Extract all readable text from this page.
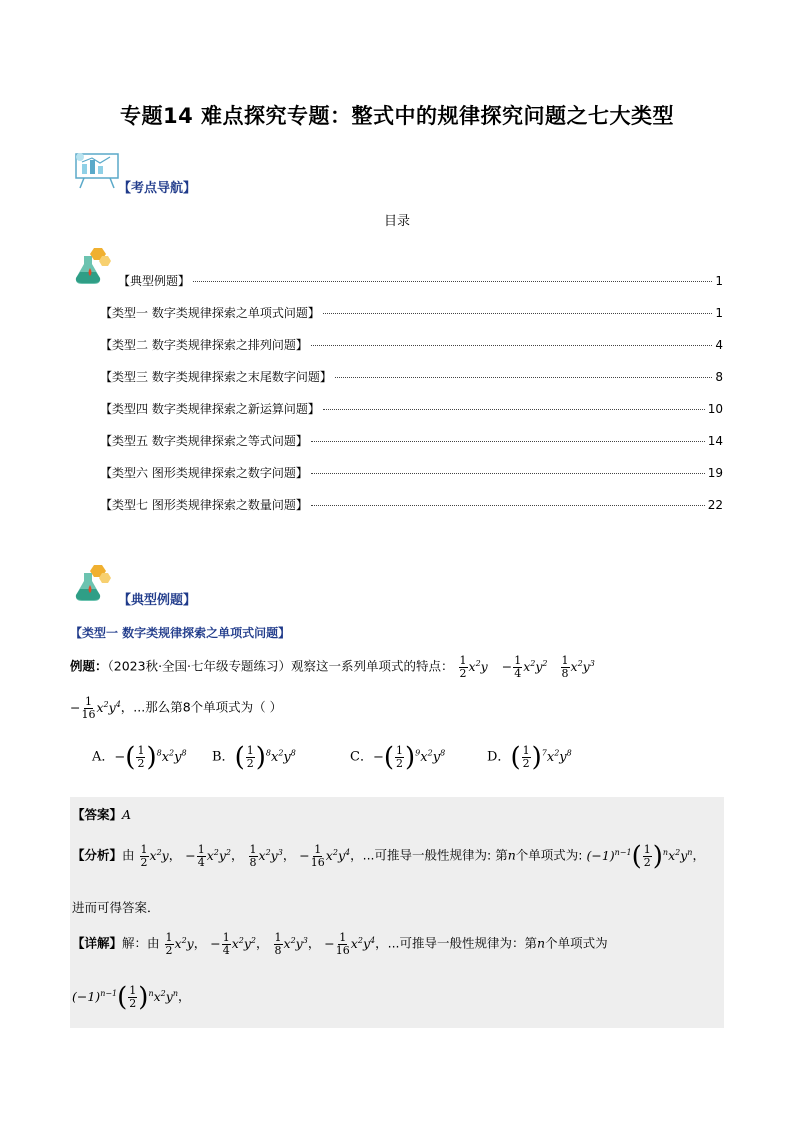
专题14 难点探究专题：整式中的规律探究问题之七大类型
【考点导航】
目录
【典型例题】	1
【类型一 数字类规律探索之单项式问题】	1
【类型二 数字类规律探索之排列问题】	4
【类型三 数字类规律探索之末尾数字问题】	8
【类型四 数字类规律探索之新运算问题】	10
【类型五 数字类规律探索之等式问题】	14
【类型六 图形类规律探索之数字问题】	19
【类型七 图形类规律探索之数量问题】	22
【典型例题】
【类型一 数字类规律探索之单项式问题】
例题：（2023秋·全国·七年级专题练习）观察这一系列单项式的特点： $\frac{1}{2} x^2y - \frac{1}{4} x^2y^2 \frac{1}{8} x^2y^3$
− $\frac{1}{16} x^2y^4$，...那么第8个单项式为（ ）
A．−( $\frac{1}{2} )^8x^2y^8$ B．( $\frac{1}{2} )^8x^2y^8$	C．−( $\frac{1}{2} )^9x^2y^8$	D．( $\frac{1}{2} )^7x^2y^8$
【答案】A
【分析】由 $\frac{1}{2} x^2y$， − $\frac{1}{4} x^2y^2$， $\frac{1}{8} x^2y^3$， − $\frac{1}{16} x^2y^4$，...可推导一般性规律为: 第n个单项式为: $(-1)^{n-1}( \frac{1}{2} )^nx^2y^n$，
进而可得答案．
【详解】解：由 $\frac{1}{2} x^2y$， − $\frac{1}{4} x^2y^2$， $\frac{1}{8} x^2y^3$， − $\frac{1}{16} x^2y^4$，...可推导一般性规律为：第n个单项式为
$(-1)^{n-1}( \frac{1}{2} )^nx^2y^n$，
